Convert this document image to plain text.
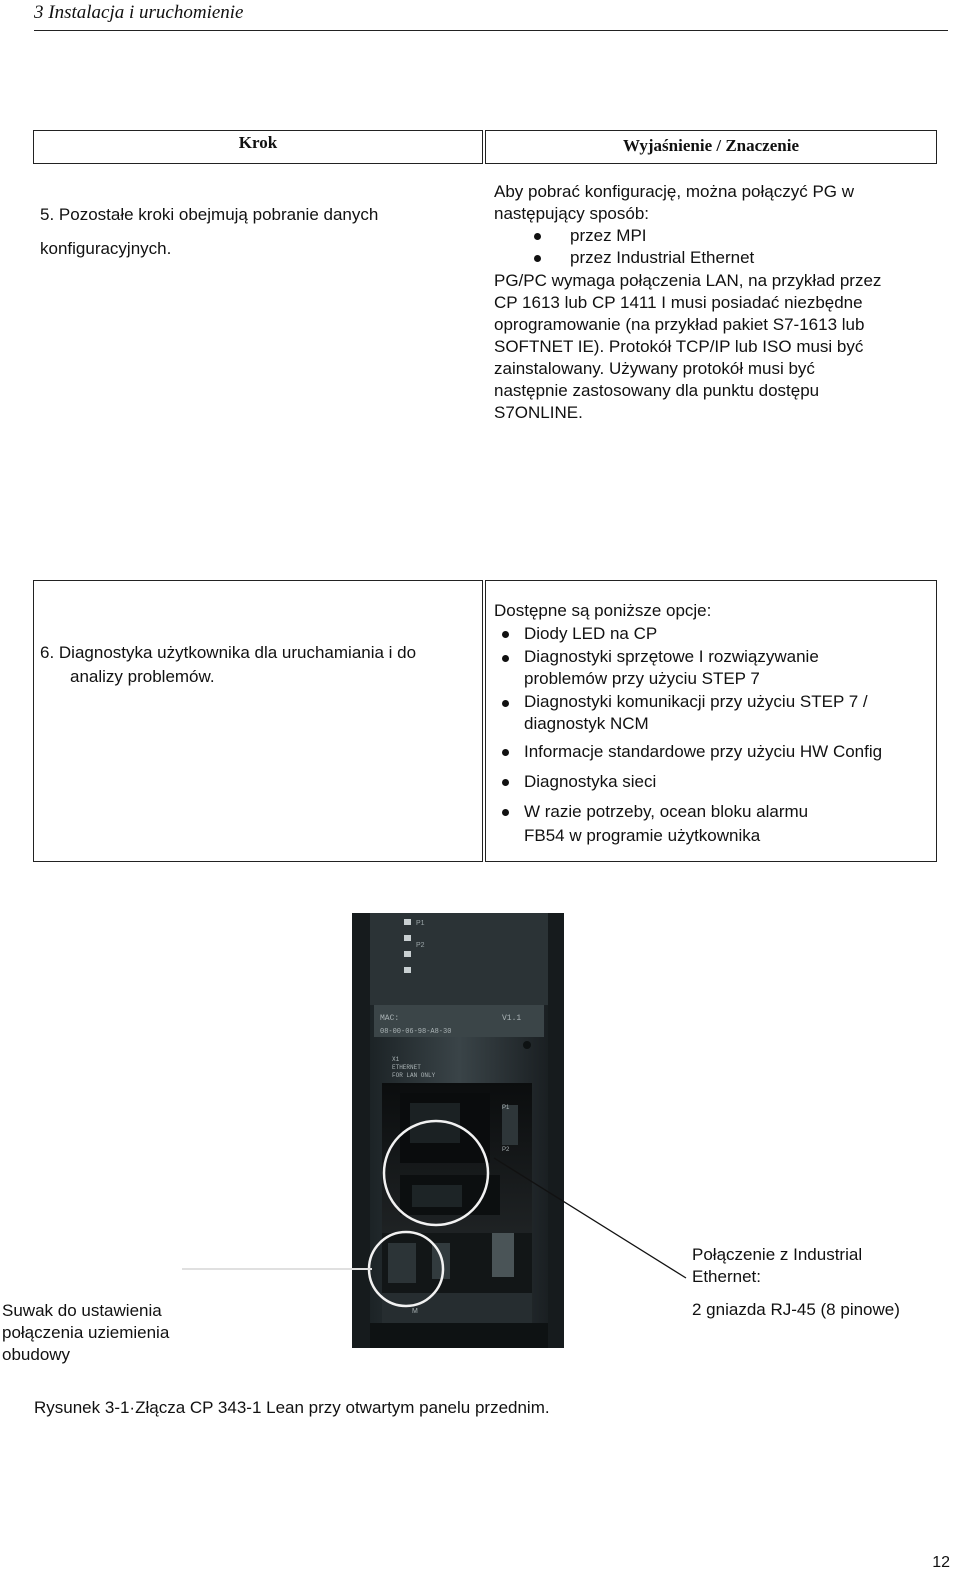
3 Instalacja i uruchomienie
Krok	Wyjaśnienie / Znaczenie
5. Pozostałe kroki obejmują pobranie danych
konfiguracyjnych.
Aby pobrać konfigurację, można połączyć PG w
następujący sposób:
przez MPI
przez Industrial Ethernet
PG/PC wymaga połączenia LAN, na przykład przez
CP 1613 lub CP 1411 I musi posiadać niezbędne
oprogramowanie (na przykład pakiet S7-1613 lub
SOFTNET IE). Protokół TCP/IP lub ISO musi być
zainstalowany. Używany protokół musi być
następnie zastosowany dla punktu dostępu
S7ONLINE.
6. Diagnostyka użytkownika dla uruchamiania i do
analizy problemów.
Dostępne są poniższe opcje:
Diody LED na CP
Diagnostyki sprzętowe I rozwiązywanie
problemów przy użyciu STEP 7
Diagnostyki komunikacji przy użyciu STEP 7 /
diagnostyk NCM
Informacje standardowe przy użyciu HW Config
Diagnostyka sieci
W razie potrzeby, ocean bloku alarmu
FB54 w programie użytkownika
P1
P2
MAC:	V1.1
08-00-06-98-A8-30
X1
ETHERNET
FOR LAN ONLY
P1
P2
M
Suwak do ustawienia
połączenia uziemienia
obudowy
Połączenie z Industrial
Ethernet:
2 gniazda RJ-45 (8 pinowe)
Rysunek 3-1·Złącza CP 343-1 Lean przy otwartym panelu przednim.
12
